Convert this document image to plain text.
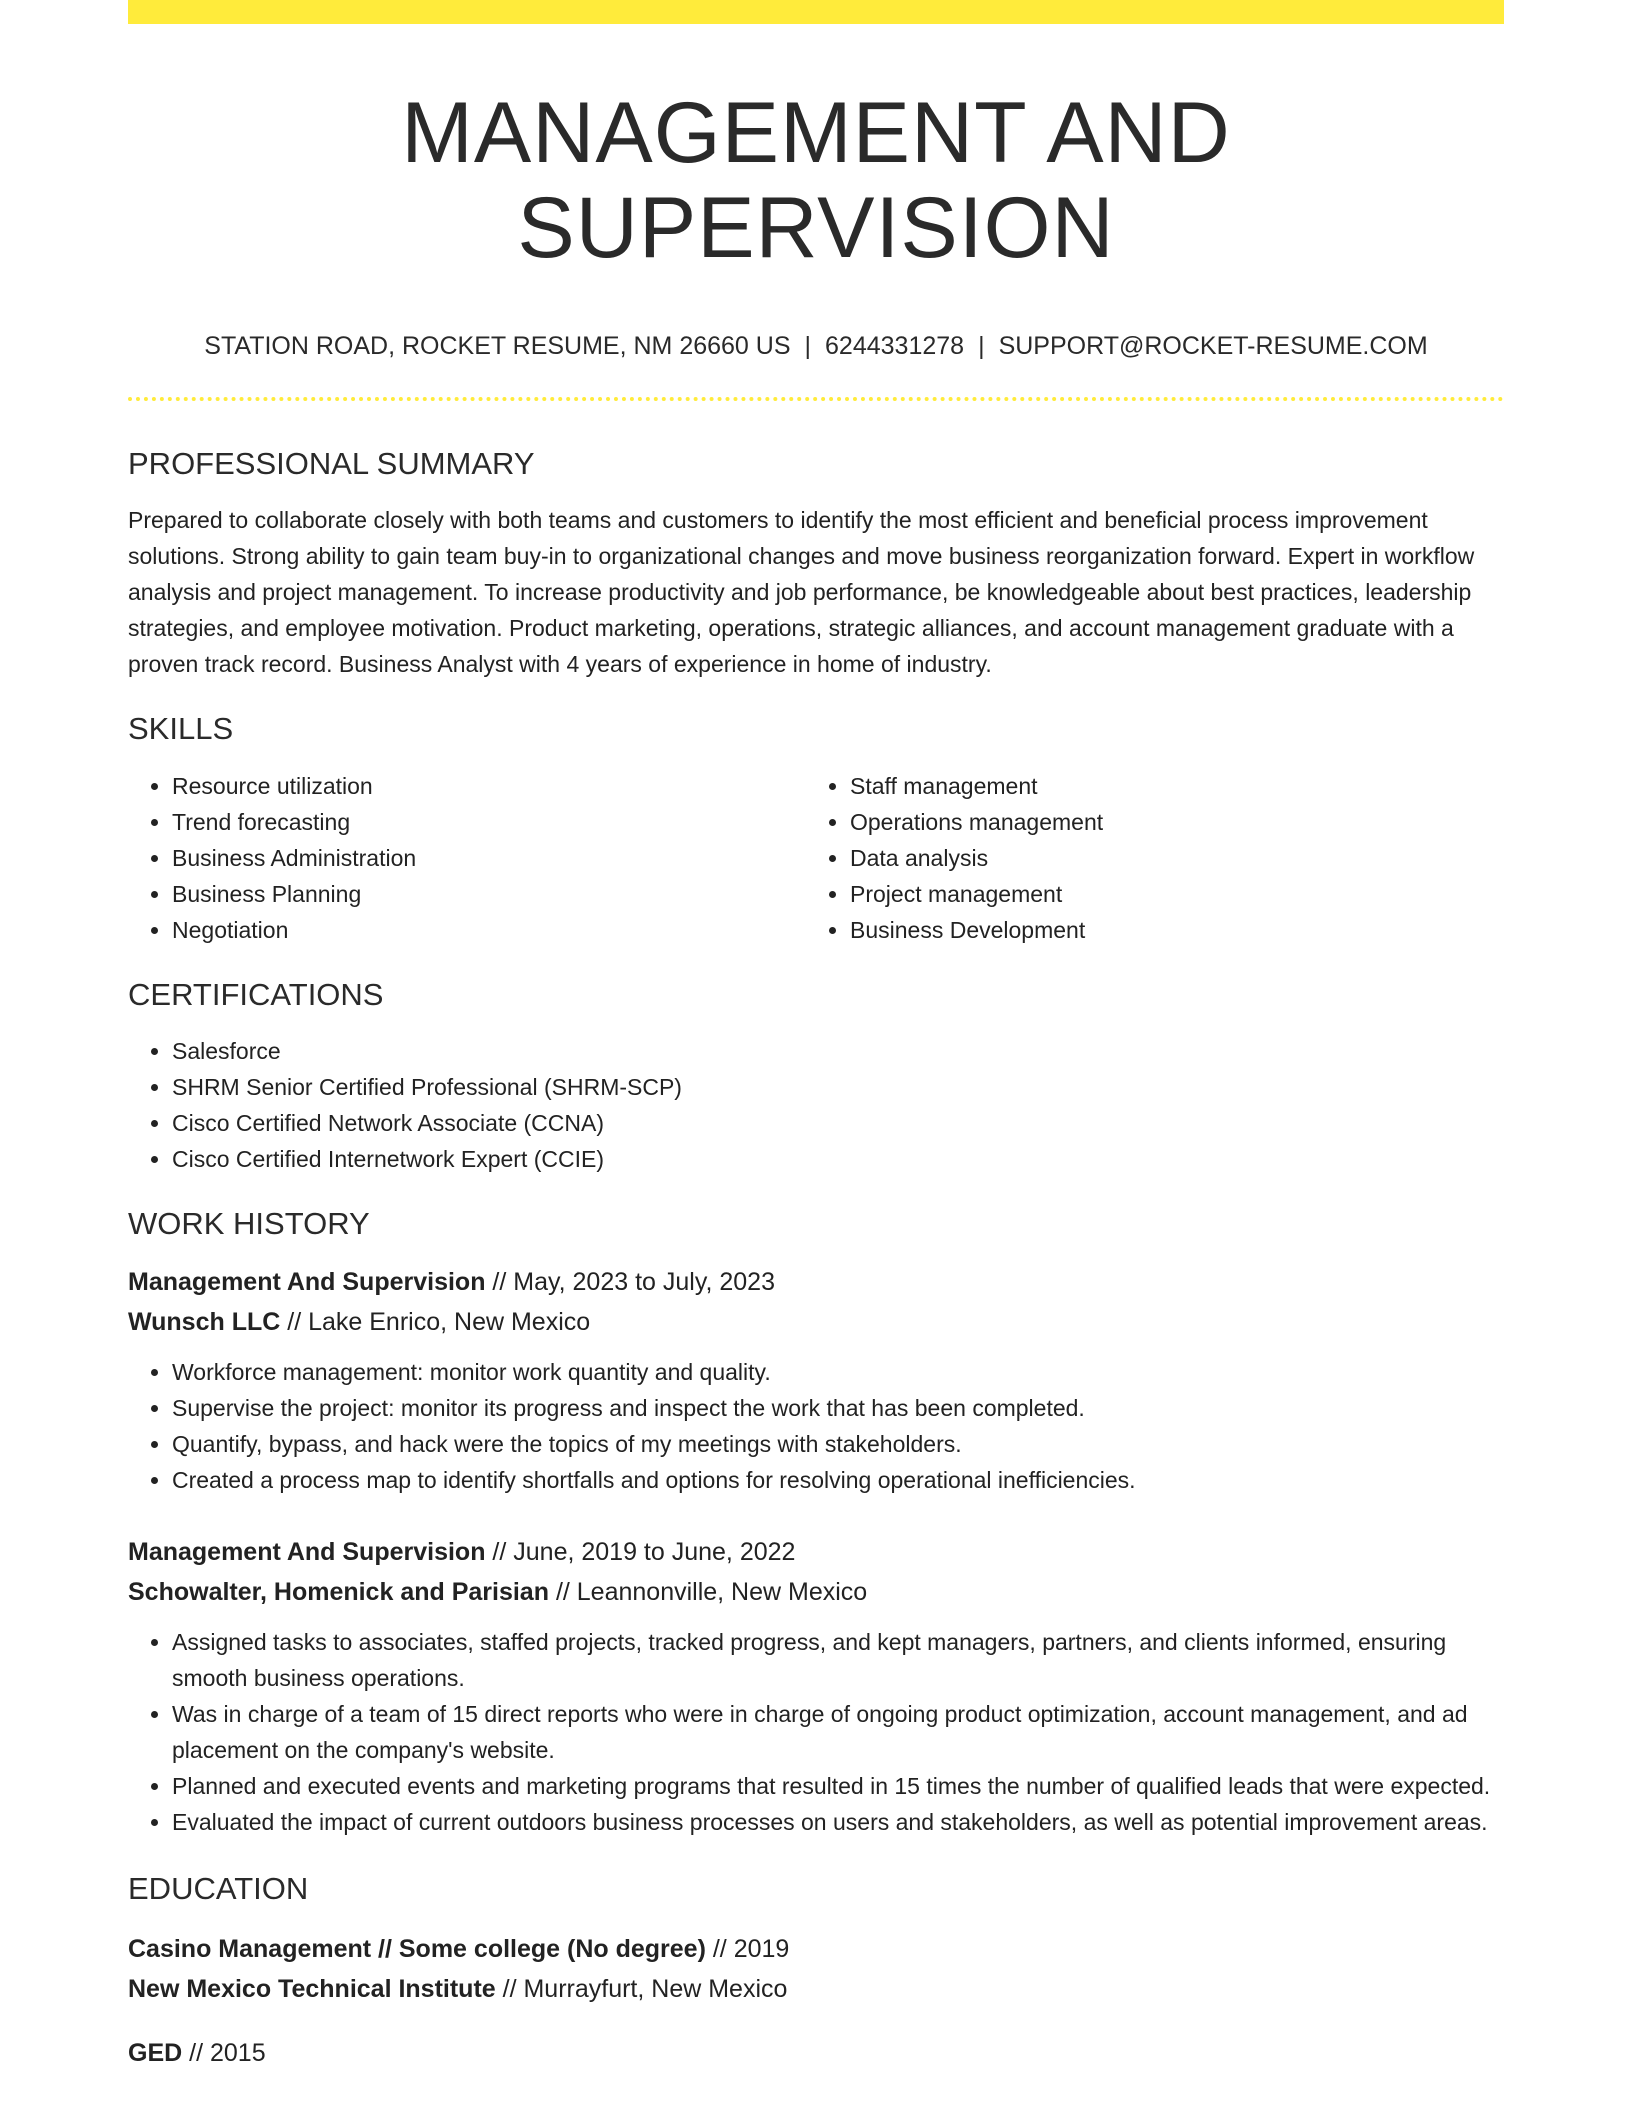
MANAGEMENT AND SUPERVISION
STATION ROAD, ROCKET RESUME, NM 26660 US | 6244331278 | SUPPORT@ROCKET-RESUME.COM
PROFESSIONAL SUMMARY
Prepared to collaborate closely with both teams and customers to identify the most efficient and beneficial process improvement solutions. Strong ability to gain team buy-in to organizational changes and move business reorganization forward. Expert in workflow analysis and project management. To increase productivity and job performance, be knowledgeable about best practices, leadership strategies, and employee motivation. Product marketing, operations, strategic alliances, and account management graduate with a proven track record. Business Analyst with 4 years of experience in home of industry.
SKILLS
• Resource utilization
• Trend forecasting
• Business Administration
• Business Planning
• Negotiation
• Staff management
• Operations management
• Data analysis
• Project management
• Business Development
CERTIFICATIONS
• Salesforce
• SHRM Senior Certified Professional (SHRM-SCP)
• Cisco Certified Network Associate (CCNA)
• Cisco Certified Internetwork Expert (CCIE)
WORK HISTORY
Management And Supervision // May, 2023 to July, 2023
Wunsch LLC // Lake Enrico, New Mexico
• Workforce management: monitor work quantity and quality.
• Supervise the project: monitor its progress and inspect the work that has been completed.
• Quantify, bypass, and hack were the topics of my meetings with stakeholders.
• Created a process map to identify shortfalls and options for resolving operational inefficiencies.
Management And Supervision // June, 2019 to June, 2022
Schowalter, Homenick and Parisian // Leannonville, New Mexico
• Assigned tasks to associates, staffed projects, tracked progress, and kept managers, partners, and clients informed, ensuring smooth business operations.
• Was in charge of a team of 15 direct reports who were in charge of ongoing product optimization, account management, and ad placement on the company's website.
• Planned and executed events and marketing programs that resulted in 15 times the number of qualified leads that were expected.
• Evaluated the impact of current outdoors business processes on users and stakeholders, as well as potential improvement areas.
EDUCATION
Casino Management // Some college (No degree) // 2019
New Mexico Technical Institute // Murrayfurt, New Mexico
GED // 2015
